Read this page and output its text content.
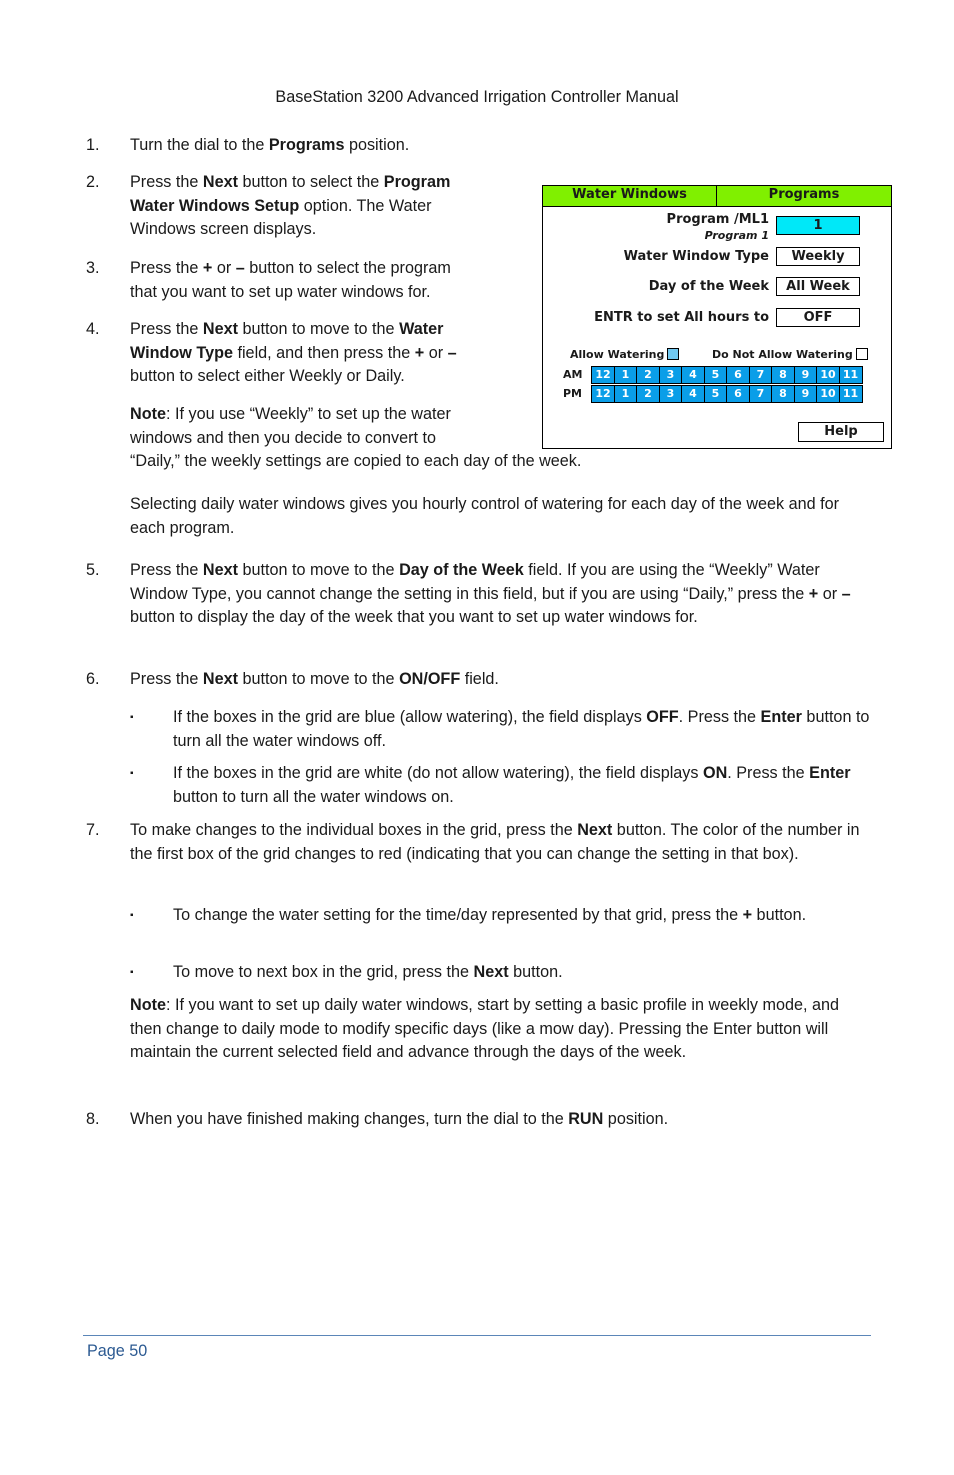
BaseStation 3200 Advanced Irrigation Controller Manual
1. Turn the dial to the Programs position.
2. Press the Next button to select the Program
Water Windows Setup option. The Water
Windows screen displays.
3. Press the + or – button to select the program
that you want to set up water windows for.
4. Press the Next button to move to the Water
Window Type field, and then press the + or –
button to select either Weekly or Daily.
Note: If you use “Weekly” to set up the water
windows and then you decide to convert to
“Daily,” the weekly settings are copied to each day of the week.
Selecting daily water windows gives you hourly control of watering for each day of the week and for each program.
5. Press the Next button to move to the Day of the Week field. If you are using the “Weekly” Water Window Type, you cannot change the setting in this field, but if you are using “Daily,” press the + or – button to display the day of the week that you want to set up water windows for.
6. Press the Next button to move to the ON/OFF field.
▪ If the boxes in the grid are blue (allow watering), the field displays OFF. Press the Enter button to turn all the water windows off.
▪ If the boxes in the grid are white (do not allow watering), the field displays ON. Press the Enter button to turn all the water windows on.
7. To make changes to the individual boxes in the grid, press the Next button. The color of the number in the first box of the grid changes to red (indicating that you can change the setting in that box).
▪ To change the water setting for the time/day represented by that grid, press the + button.
▪ To move to next box in the grid, press the Next button.
Note: If you want to set up daily water windows, start by setting a basic profile in weekly mode, and then change to daily mode to modify specific days (like a mow day). Pressing the Enter button will maintain the current selected field and advance through the days of the week.
8. When you have finished making changes, turn the dial to the RUN position.
Water Windows	Programs
Program /ML1
Program 1
1
Water Window Type	Weekly
Day of the Week	All Week
ENTR to set All hours to	OFF
Allow Watering	Do Not Allow Watering
AM	12	1	2	3	4	5	6	7	8	9	10 11
PM	12	1	2	3	4	5	6	7	8	9	10 11
Help
Page 50
